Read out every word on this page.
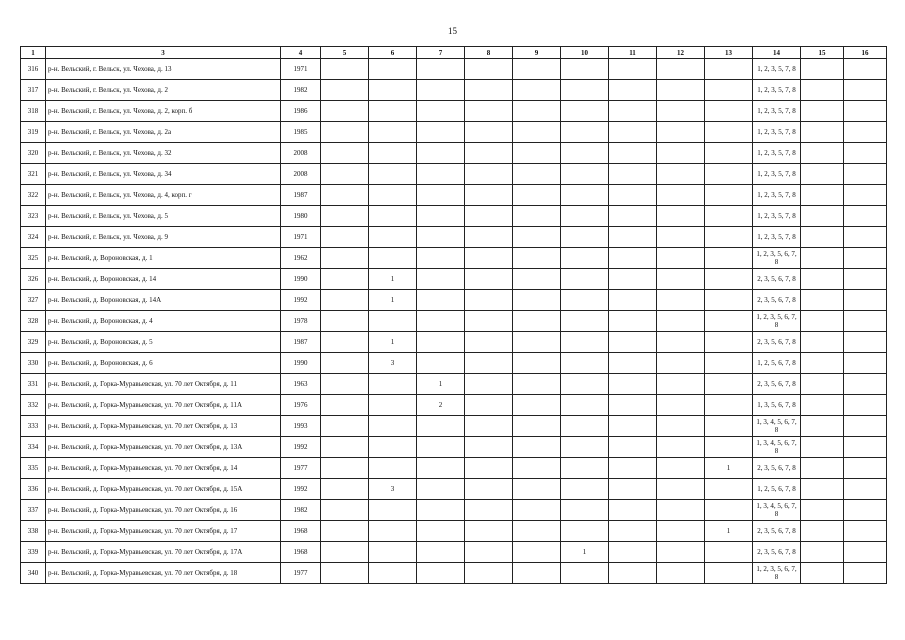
15
1	3	4	5	6	7	8	9	10	11	12	13	14	15	16
316	р-н. Вельский, г. Вельск, ул. Чехова, д. 13	1971										1, 2, 3, 5, 7, 8		
317	р-н. Вельский, г. Вельск, ул. Чехова, д. 2	1982										1, 2, 3, 5, 7, 8		
318	р-н. Вельский, г. Вельск, ул. Чехова, д. 2, корп. б	1986										1, 2, 3, 5, 7, 8		
319	р-н. Вельский, г. Вельск, ул. Чехова, д. 2а	1985										1, 2, 3, 5, 7, 8		
320	р-н. Вельский, г. Вельск, ул. Чехова, д. 32	2008										1, 2, 3, 5, 7, 8		
321	р-н. Вельский, г. Вельск, ул. Чехова, д. 34	2008										1, 2, 3, 5, 7, 8		
322	р-н. Вельский, г. Вельск, ул. Чехова, д. 4, корп. г	1987										1, 2, 3, 5, 7, 8		
323	р-н. Вельский, г. Вельск, ул. Чехова, д. 5	1980										1, 2, 3, 5, 7, 8		
324	р-н. Вельский, г. Вельск, ул. Чехова, д. 9	1971										1, 2, 3, 5, 7, 8		
325	р-н. Вельский, д. Вороновская, д. 1	1962										1, 2, 3, 5, 6, 7, 8		
326	р-н. Вельский, д. Вороновская, д. 14	1990		1								2, 3, 5, 6, 7, 8		
327	р-н. Вельский, д. Вороновская, д. 14А	1992		1								2, 3, 5, 6, 7, 8		
328	р-н. Вельский, д. Вороновская, д. 4	1978										1, 2, 3, 5, 6, 7, 8		
329	р-н. Вельский, д. Вороновская, д. 5	1987		1								2, 3, 5, 6, 7, 8		
330	р-н. Вельский, д. Вороновская, д. 6	1990		3								1, 2, 5, 6, 7, 8		
331	р-н. Вельский, д. Горка-Муравьевская, ул. 70 лет Октября, д. 11	1963			1							2, 3, 5, 6, 7, 8		
332	р-н. Вельский, д. Горка-Муравьевская, ул. 70 лет Октября, д. 11А	1976			2							1, 3, 5, 6, 7, 8		
333	р-н. Вельский, д. Горка-Муравьевская, ул. 70 лет Октября, д. 13	1993										1, 3, 4, 5, 6, 7, 8		
334	р-н. Вельский, д. Горка-Муравьевская, ул. 70 лет Октября, д. 13А	1992										1, 3, 4, 5, 6, 7, 8		
335	р-н. Вельский, д. Горка-Муравьевская, ул. 70 лет Октября, д. 14	1977									1	2, 3, 5, 6, 7, 8		
336	р-н. Вельский, д. Горка-Муравьевская, ул. 70 лет Октября, д. 15А	1992		3								1, 2, 5, 6, 7, 8		
337	р-н. Вельский, д. Горка-Муравьевская, ул. 70 лет Октября, д. 16	1982										1, 3, 4, 5, 6, 7, 8		
338	р-н. Вельский, д. Горка-Муравьевская, ул. 70 лет Октября, д. 17	1968									1	2, 3, 5, 6, 7, 8		
339	р-н. Вельский, д. Горка-Муравьевская, ул. 70 лет Октября, д. 17А	1968						1				2, 3, 5, 6, 7, 8		
340	р-н. Вельский, д. Горка-Муравьевская, ул. 70 лет Октября, д. 18	1977										1, 2, 3, 5, 6, 7, 8		
